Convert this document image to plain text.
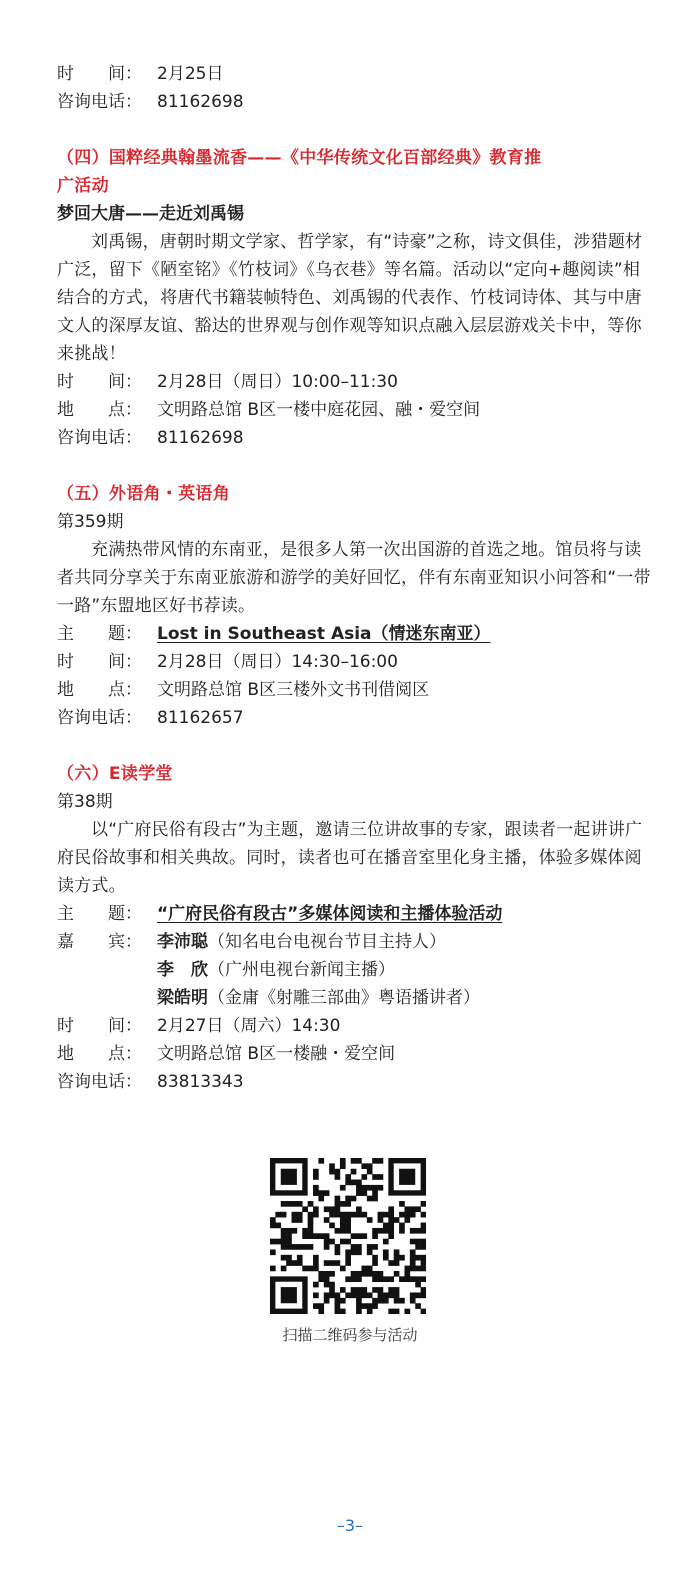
时　　间： 2月25日
咨询电话： 81162698
（四）国粹经典翰墨流香——《中华传统文化百部经典》教育推
广活动
梦回大唐——走近刘禹锡
刘禹锡，唐朝时期文学家、哲学家，有“诗豪”之称，诗文俱佳，涉猎题材广泛，留下《陋室铭》《竹枝词》《乌衣巷》等名篇。活动以“定向+趣阅读”相结合的方式，将唐代书籍装帧特色、刘禹锡的代表作、竹枝词诗体、其与中唐文人的深厚友谊、豁达的世界观与创作观等知识点融入层层游戏关卡中，等你来挑战！
时　　间： 2月28日（周日）10:00–11:30
地　　点： 文明路总馆 B区一楼中庭花园、融・爱空间
咨询电话： 81162698
（五）外语角・英语角
第359期
充满热带风情的东南亚，是很多人第一次出国游的首选之地。馆员将与读者共同分享关于东南亚旅游和游学的美好回忆，伴有东南亚知识小问答和“一带一路”东盟地区好书荐读。
主　　题： Lost in Southeast Asia（情迷东南亚）
时　　间： 2月28日（周日）14:30–16:00
地　　点： 文明路总馆 B区三楼外文书刊借阅区
咨询电话： 81162657
（六）E读学堂
第38期
以“广府民俗有段古”为主题，邀请三位讲故事的专家，跟读者一起讲讲广府民俗故事和相关典故。同时，读者也可在播音室里化身主播，体验多媒体阅读方式。
主　　题： “广府民俗有段古”多媒体阅读和主播体验活动
嘉　　宾： 李沛聪（知名电台电视台节目主持人）
李　欣（广州电视台新闻主播）
梁皓明（金庸《射雕三部曲》粤语播讲者）
时　　间： 2月27日（周六）14:30
地　　点： 文明路总馆 B区一楼融・爱空间
咨询电话： 83813343
扫描二维码参与活动
–3–
